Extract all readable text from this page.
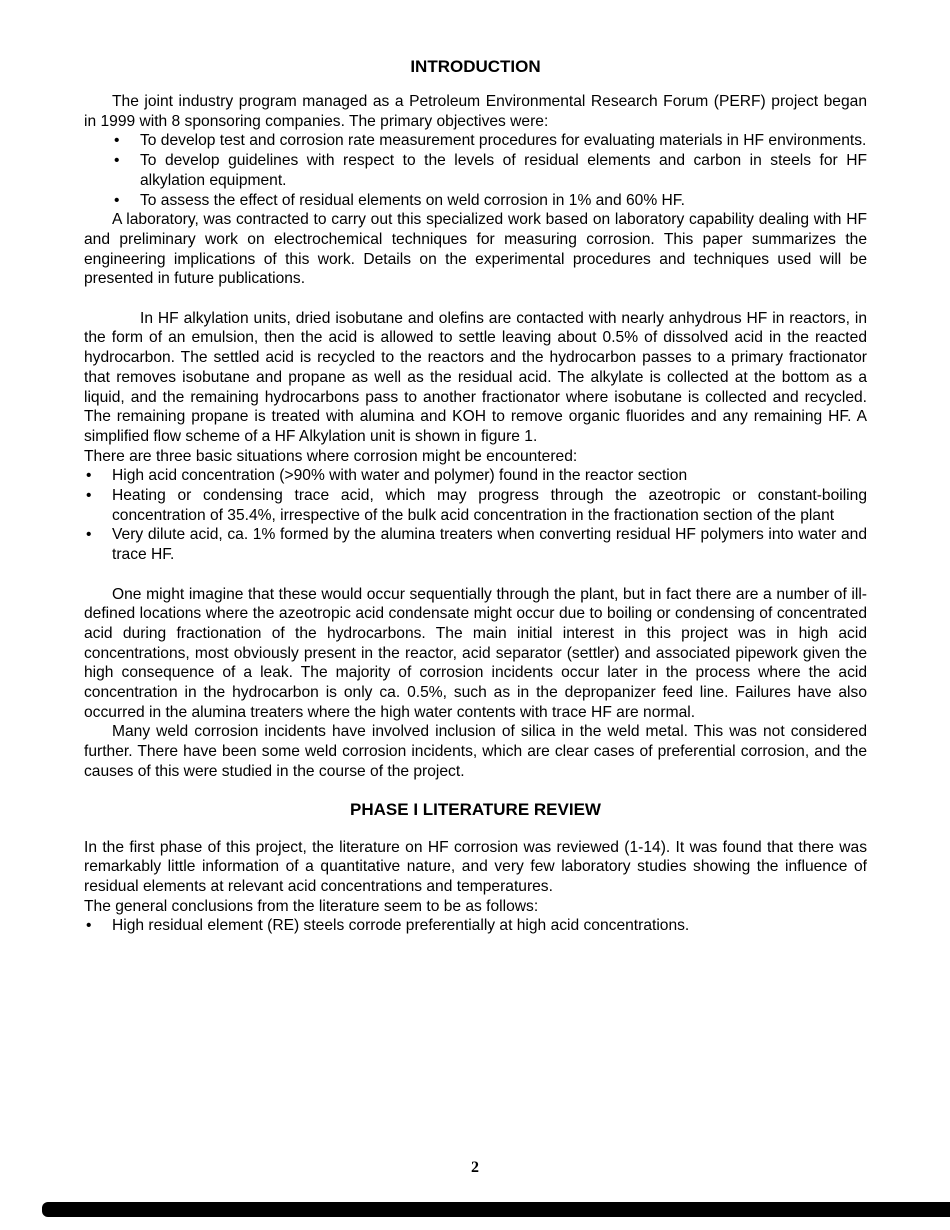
INTRODUCTION

The joint industry program managed as a Petroleum Environmental Research Forum (PERF) project began in 1999 with 8 sponsoring companies. The primary objectives were:

• To develop test and corrosion rate measurement procedures for evaluating materials in HF environments.
• To develop guidelines with respect to the levels of residual elements and carbon in steels for HF alkylation equipment.
• To assess the effect of residual elements on weld corrosion in 1% and 60% HF.

A laboratory, was contracted to carry out this specialized work based on laboratory capability dealing with HF and preliminary work on electrochemical techniques for measuring corrosion. This paper summarizes the engineering implications of this work. Details on the experimental procedures and techniques used will be presented in future publications.

In HF alkylation units, dried isobutane and olefins are contacted with nearly anhydrous HF in reactors, in the form of an emulsion, then the acid is allowed to settle leaving about 0.5% of dissolved acid in the reacted hydrocarbon. The settled acid is recycled to the reactors and the hydrocarbon passes to a primary fractionator that removes isobutane and propane as well as the residual acid. The alkylate is collected at the bottom as a liquid, and the remaining hydrocarbons pass to another fractionator where isobutane is collected and recycled. The remaining propane is treated with alumina and KOH to remove organic fluorides and any remaining HF. A simplified flow scheme of a HF Alkylation unit is shown in figure 1.

There are three basic situations where corrosion might be encountered:

• High acid concentration (>90% with water and polymer) found in the reactor section
• Heating or condensing trace acid, which may progress through the azeotropic or constant-boiling concentration of 35.4%, irrespective of the bulk acid concentration in the fractionation section of the plant
• Very dilute acid, ca. 1% formed by the alumina treaters when converting residual HF polymers into water and trace HF.

One might imagine that these would occur sequentially through the plant, but in fact there are a number of ill-defined locations where the azeotropic acid condensate might occur due to boiling or condensing of concentrated acid during fractionation of the hydrocarbons. The main initial interest in this project was in high acid concentrations, most obviously present in the reactor, acid separator (settler) and associated pipework given the high consequence of a leak. The majority of corrosion incidents occur later in the process where the acid concentration in the hydrocarbon is only ca. 0.5%, such as in the depropanizer feed line. Failures have also occurred in the alumina treaters where the high water contents with trace HF are normal.

Many weld corrosion incidents have involved inclusion of silica in the weld metal. This was not considered further. There have been some weld corrosion incidents, which are clear cases of preferential corrosion, and the causes of this were studied in the course of the project.

PHASE I LITERATURE REVIEW

In the first phase of this project, the literature on HF corrosion was reviewed (1-14). It was found that there was remarkably little information of a quantitative nature, and very few laboratory studies showing the influence of residual elements at relevant acid concentrations and temperatures.

The general conclusions from the literature seem to be as follows:

• High residual element (RE) steels corrode preferentially at high acid concentrations.
2
